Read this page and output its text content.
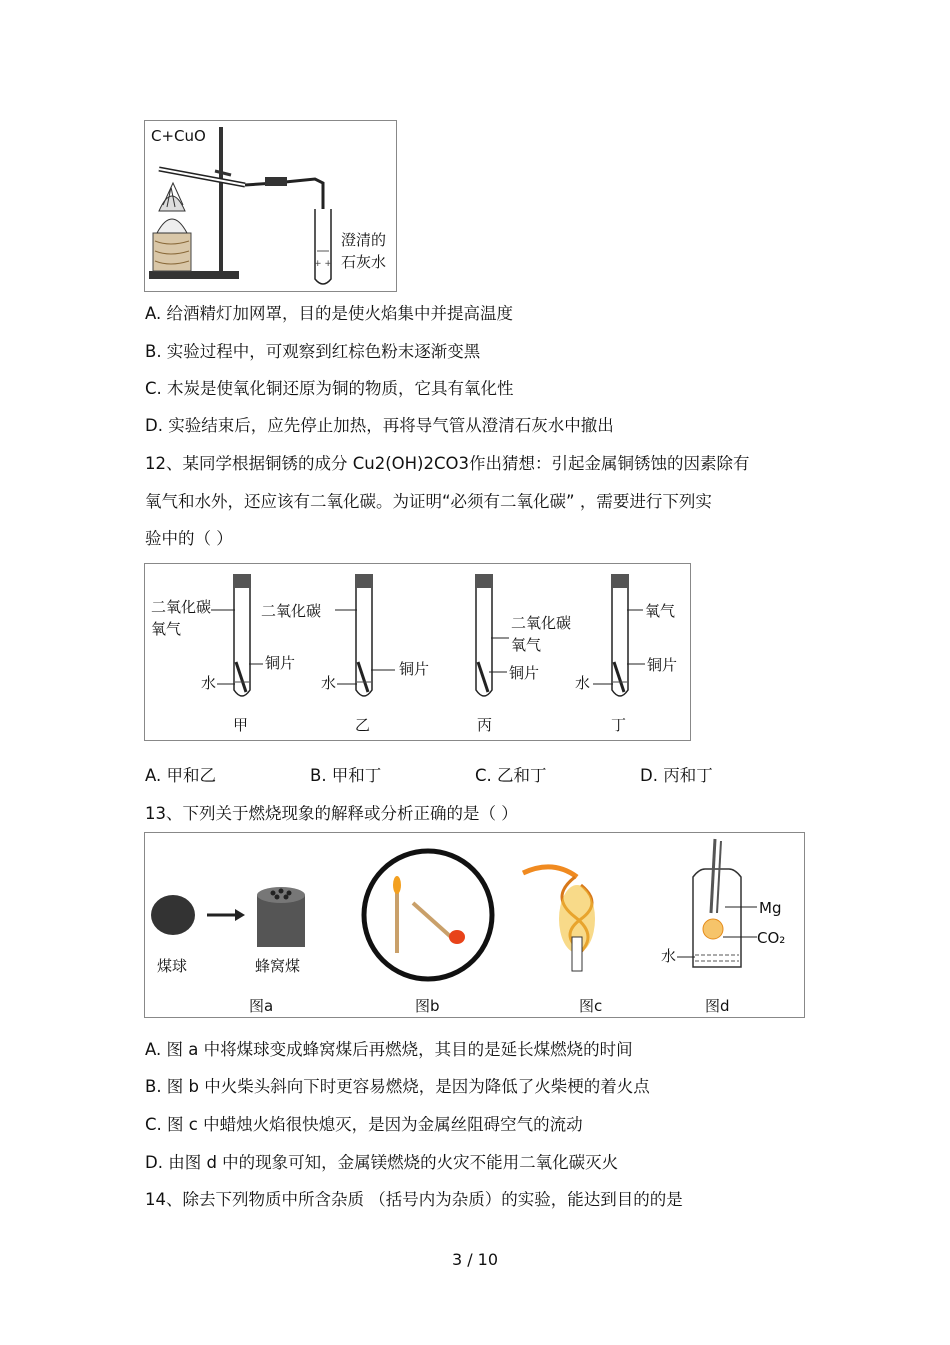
C+CuO
+ +
澄清的
石灰水
A. 给酒精灯加网罩，目的是使火焰集中并提高温度
B. 实验过程中，可观察到红棕色粉末逐渐变黑
C. 木炭是使氧化铜还原为铜的物质，它具有氧化性
D. 实验结束后，应先停止加热，再将导气管从澄清石灰水中撤出
12、某同学根据铜锈的成分 Cu2(OH)2CO3作出猜想：引起金属铜锈蚀的因素除有
氧气和水外，还应该有二氧化碳。为证明“必须有二氧化碳” ，需要进行下列实
验中的（ ）
二氧化碳
氧气
铜片
水
甲
二氧化碳
铜片
水
乙
二氧化碳
氧气
铜片
丙
氧气
铜片
水
丁
A. 甲和乙	B. 甲和丁	C. 乙和丁	D. 丙和丁
13、下列关于燃烧现象的解释或分析正确的是（ ）
煤球	蜂窝煤
图a	图b	图c
Mg
CO₂
水
图d
A. 图 a 中将煤球变成蜂窝煤后再燃烧，其目的是延长煤燃烧的时间
B. 图 b 中火柴头斜向下时更容易燃烧，是因为降低了火柴梗的着火点
C. 图 c 中蜡烛火焰很快熄灭，是因为金属丝阻碍空气的流动
D. 由图 d 中的现象可知，金属镁燃烧的火灾不能用二氧化碳灭火
14、除去下列物质中所含杂质 （括号内为杂质）的实验，能达到目的的是
3 / 10
